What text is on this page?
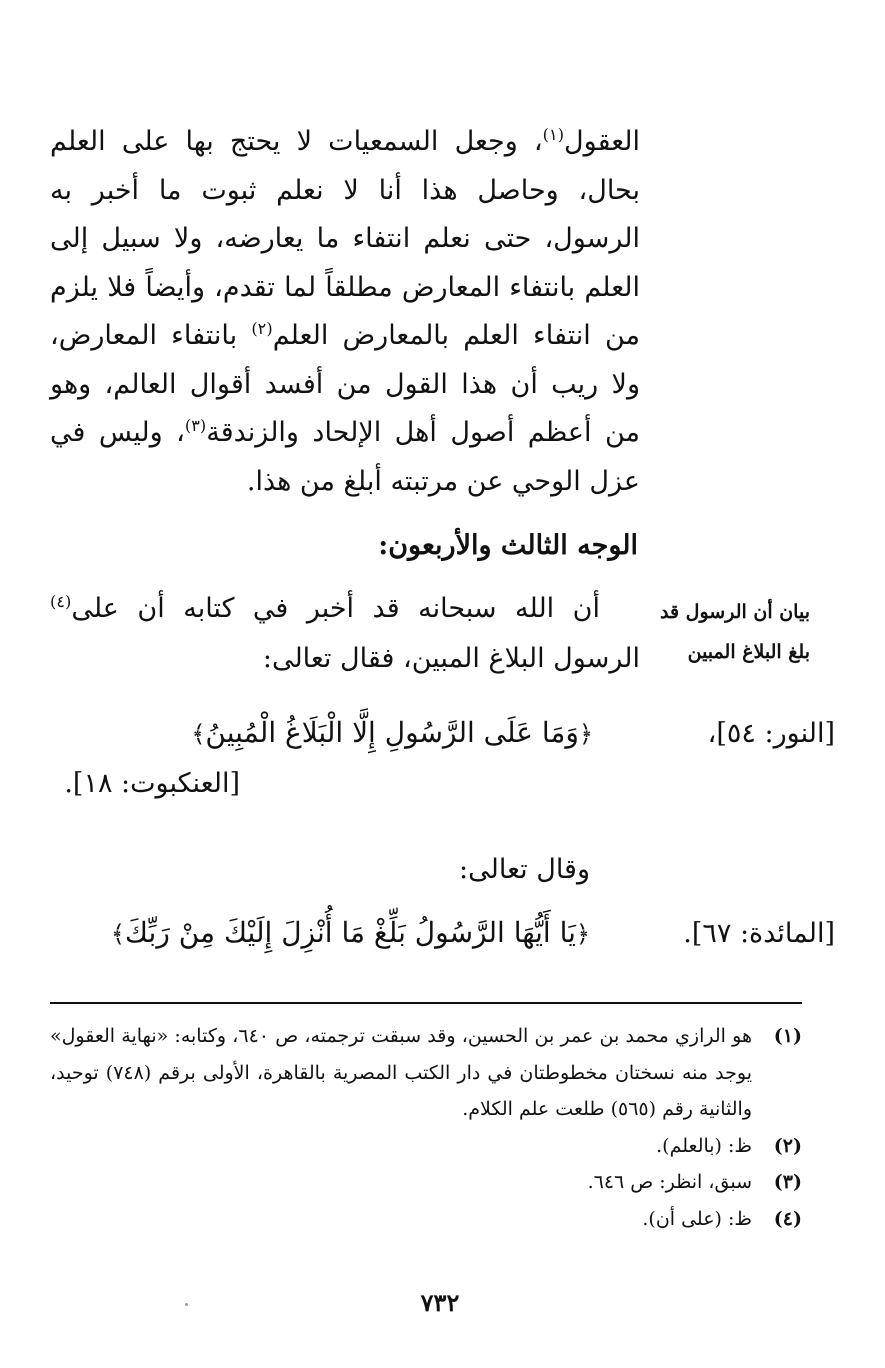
العقول$^{(١)}$، وجعل السمعيات لا يحتج بها على العلم بحال، وحاصل هذا أنا لا نعلم ثبوت ما أخبر به الرسول، حتى نعلم انتفاء ما يعارضه، ولا سبيل إلى العلم بانتفاء المعارض مطلقاً لما تقدم، وأيضاً فلا يلزم من انتفاء العلم بالمعارض العلم$^{(٢)}$ بانتفاء المعارض، ولا ريب أن هذا القول من أفسد أقوال العالم، وهو من أعظم أصول أهل الإلحاد والزندقة$^{(٣)}$، وليس في عزل الوحي عن مرتبته أبلغ من هذا.
الوجه الثالث والأربعون:
بيان أن الرسول قد
بلغ البلاغ المبين
أن الله سبحانه قد أخبر في كتابه أن على$^{(٤)}$ الرسول البلاغ المبين، فقال تعالى:
﴿وَمَا عَلَى الرَّسُولِ إِلَّا الْبَلَاغُ الْمُبِينُ﴾	[النور: ٥٤]،
[العنكبوت: ١٨].
وقال تعالى:
﴿يَا أَيُّهَا الرَّسُولُ بَلِّغْ مَا أُنْزِلَ إِلَيْكَ مِنْ رَبِّكَ﴾	[المائدة: ٦٧].
(١)
هو الرازي محمد بن عمر بن الحسين، وقد سبقت ترجمته، ص ٦٤٠، وكتابه: «نهاية العقول» يوجد منه نسختان مخطوطتان في دار الكتب المصرية بالقاهرة، الأولى برقم (٧٤٨) توحيد، والثانية رقم (٥٦٥) طلعت علم الكلام.
(٢)
ظ: (بالعلم).
(٣)
سبق، انظر: ص ٦٤٦.
(٤)
ظ: (على أن).
٧٣٢
